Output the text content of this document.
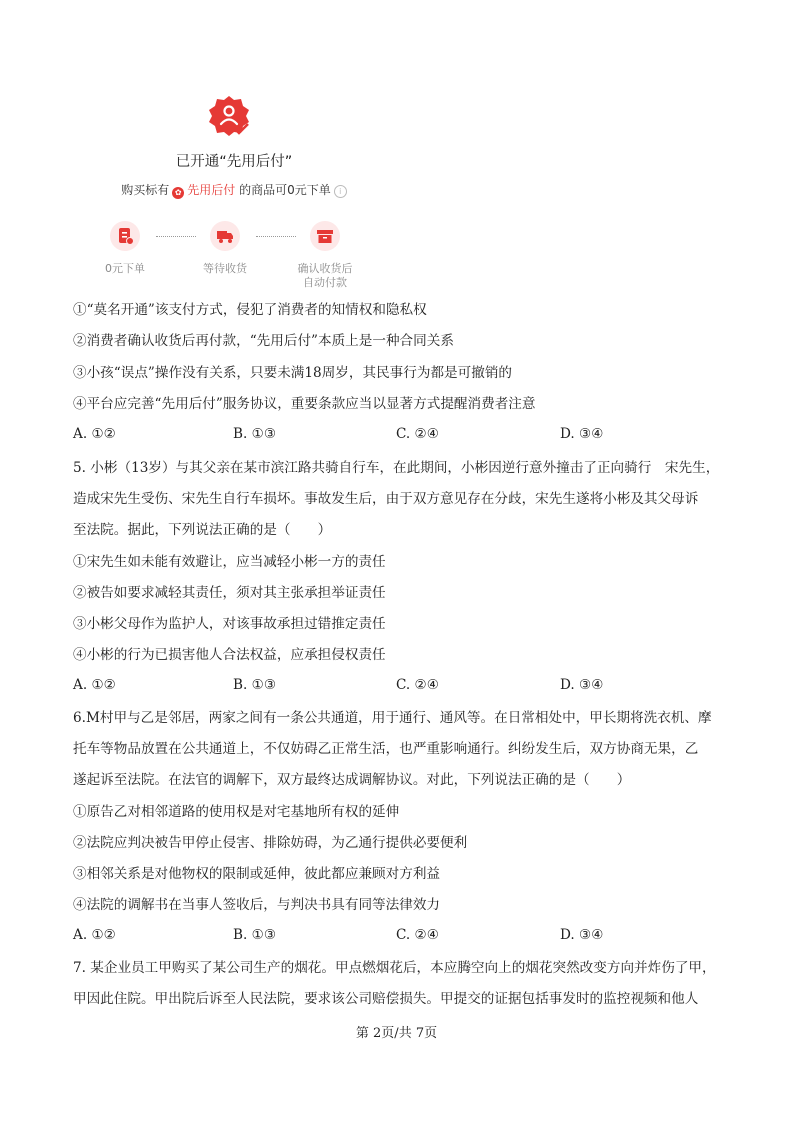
已开通“先用后付”
购买标有 ✿ 先用后付 的商品可0元下单 i
0元下单	等待收货	确认收货后
自动付款
①“莫名开通”该支付方式，侵犯了消费者的知情权和隐私权
②消费者确认收货后再付款，“先用后付”本质上是一种合同关系
③小孩“误点”操作没有关系，只要未满18周岁，其民事行为都是可撤销的
④平台应完善“先用后付”服务协议，重要条款应当以显著方式提醒消费者注意
A. ①②	B. ①③	C. ②④	D. ③④
5. 小彬（13岁）与其父亲在某市滨江路共骑自行车，在此期间，小彬因逆行意外撞击了正向骑行　宋先生，
造成宋先生受伤、宋先生自行车损坏。事故发生后，由于双方意见存在分歧，宋先生遂将小彬及其父母诉
至法院。据此，下列说法正确的是（　　）
①宋先生如未能有效避让，应当减轻小彬一方的责任
②被告如要求减轻其责任，须对其主张承担举证责任
③小彬父母作为监护人，对该事故承担过错推定责任
④小彬的行为已损害他人合法权益，应承担侵权责任
A. ①②	B. ①③	C. ②④	D. ③④
6.M村甲与乙是邻居，两家之间有一条公共通道，用于通行、通风等。在日常相处中，甲长期将洗衣机、摩
托车等物品放置在公共通道上，不仅妨碍乙正常生活，也严重影响通行。纠纷发生后，双方协商无果，乙
遂起诉至法院。在法官的调解下，双方最终达成调解协议。对此，下列说法正确的是（　　）
①原告乙对相邻道路的使用权是对宅基地所有权的延伸
②法院应判决被告甲停止侵害、排除妨碍，为乙通行提供必要便利
③相邻关系是对他物权的限制或延伸，彼此都应兼顾对方利益
④法院的调解书在当事人签收后，与判决书具有同等法律效力
A. ①②	B. ①③	C. ②④	D. ③④
7. 某企业员工甲购买了某公司生产的烟花。甲点燃烟花后，本应腾空向上的烟花突然改变方向并炸伤了甲，
甲因此住院。甲出院后诉至人民法院，要求该公司赔偿损失。甲提交的证据包括事发时的监控视频和他人
第 2页/共 7页
